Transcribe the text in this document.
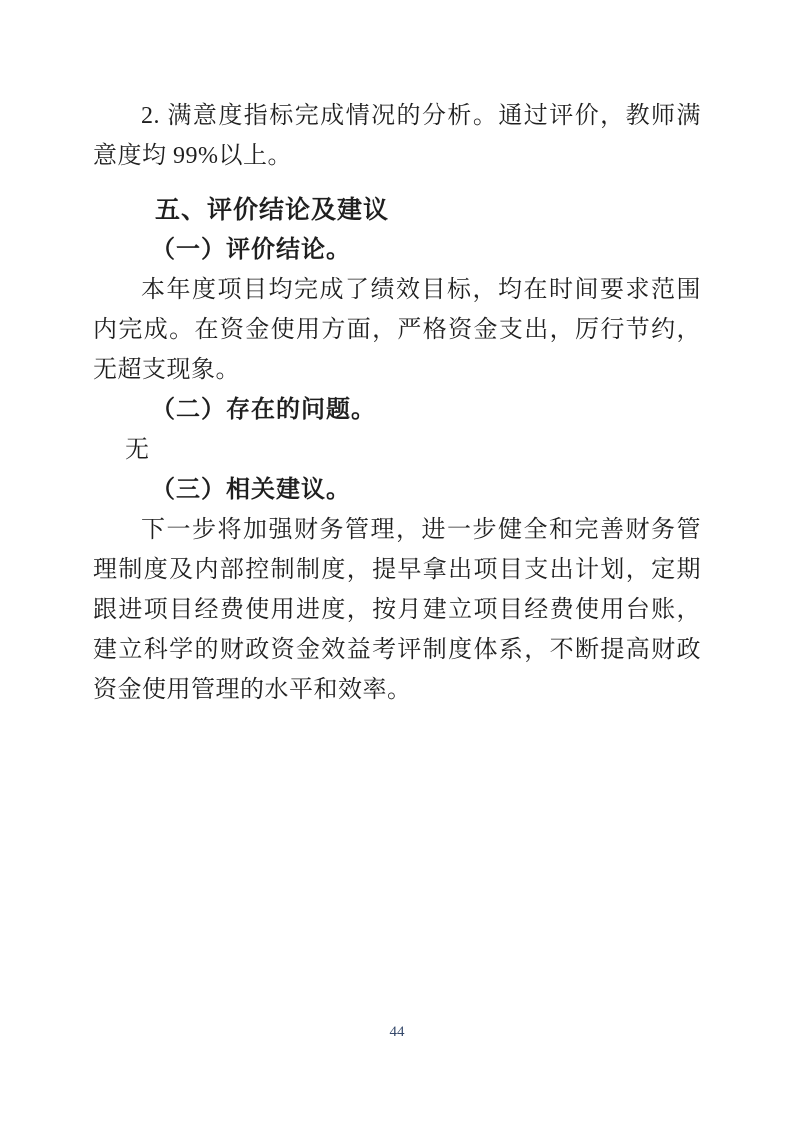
2. 满意度指标完成情况的分析。通过评价，教师满意度均 99%以上。

五、评价结论及建议
（一）评价结论。

本年度项目均完成了绩效目标，均在时间要求范围内完成。在资金使用方面，严格资金支出，厉行节约，无超支现象。

（二）存在的问题。

无

（三）相关建议。

下一步将加强财务管理，进一步健全和完善财务管理制度及内部控制制度，提早拿出项目支出计划，定期跟进项目经费使用进度，按月建立项目经费使用台账，建立科学的财政资金效益考评制度体系，不断提高财政资金使用管理的水平和效率。

44
